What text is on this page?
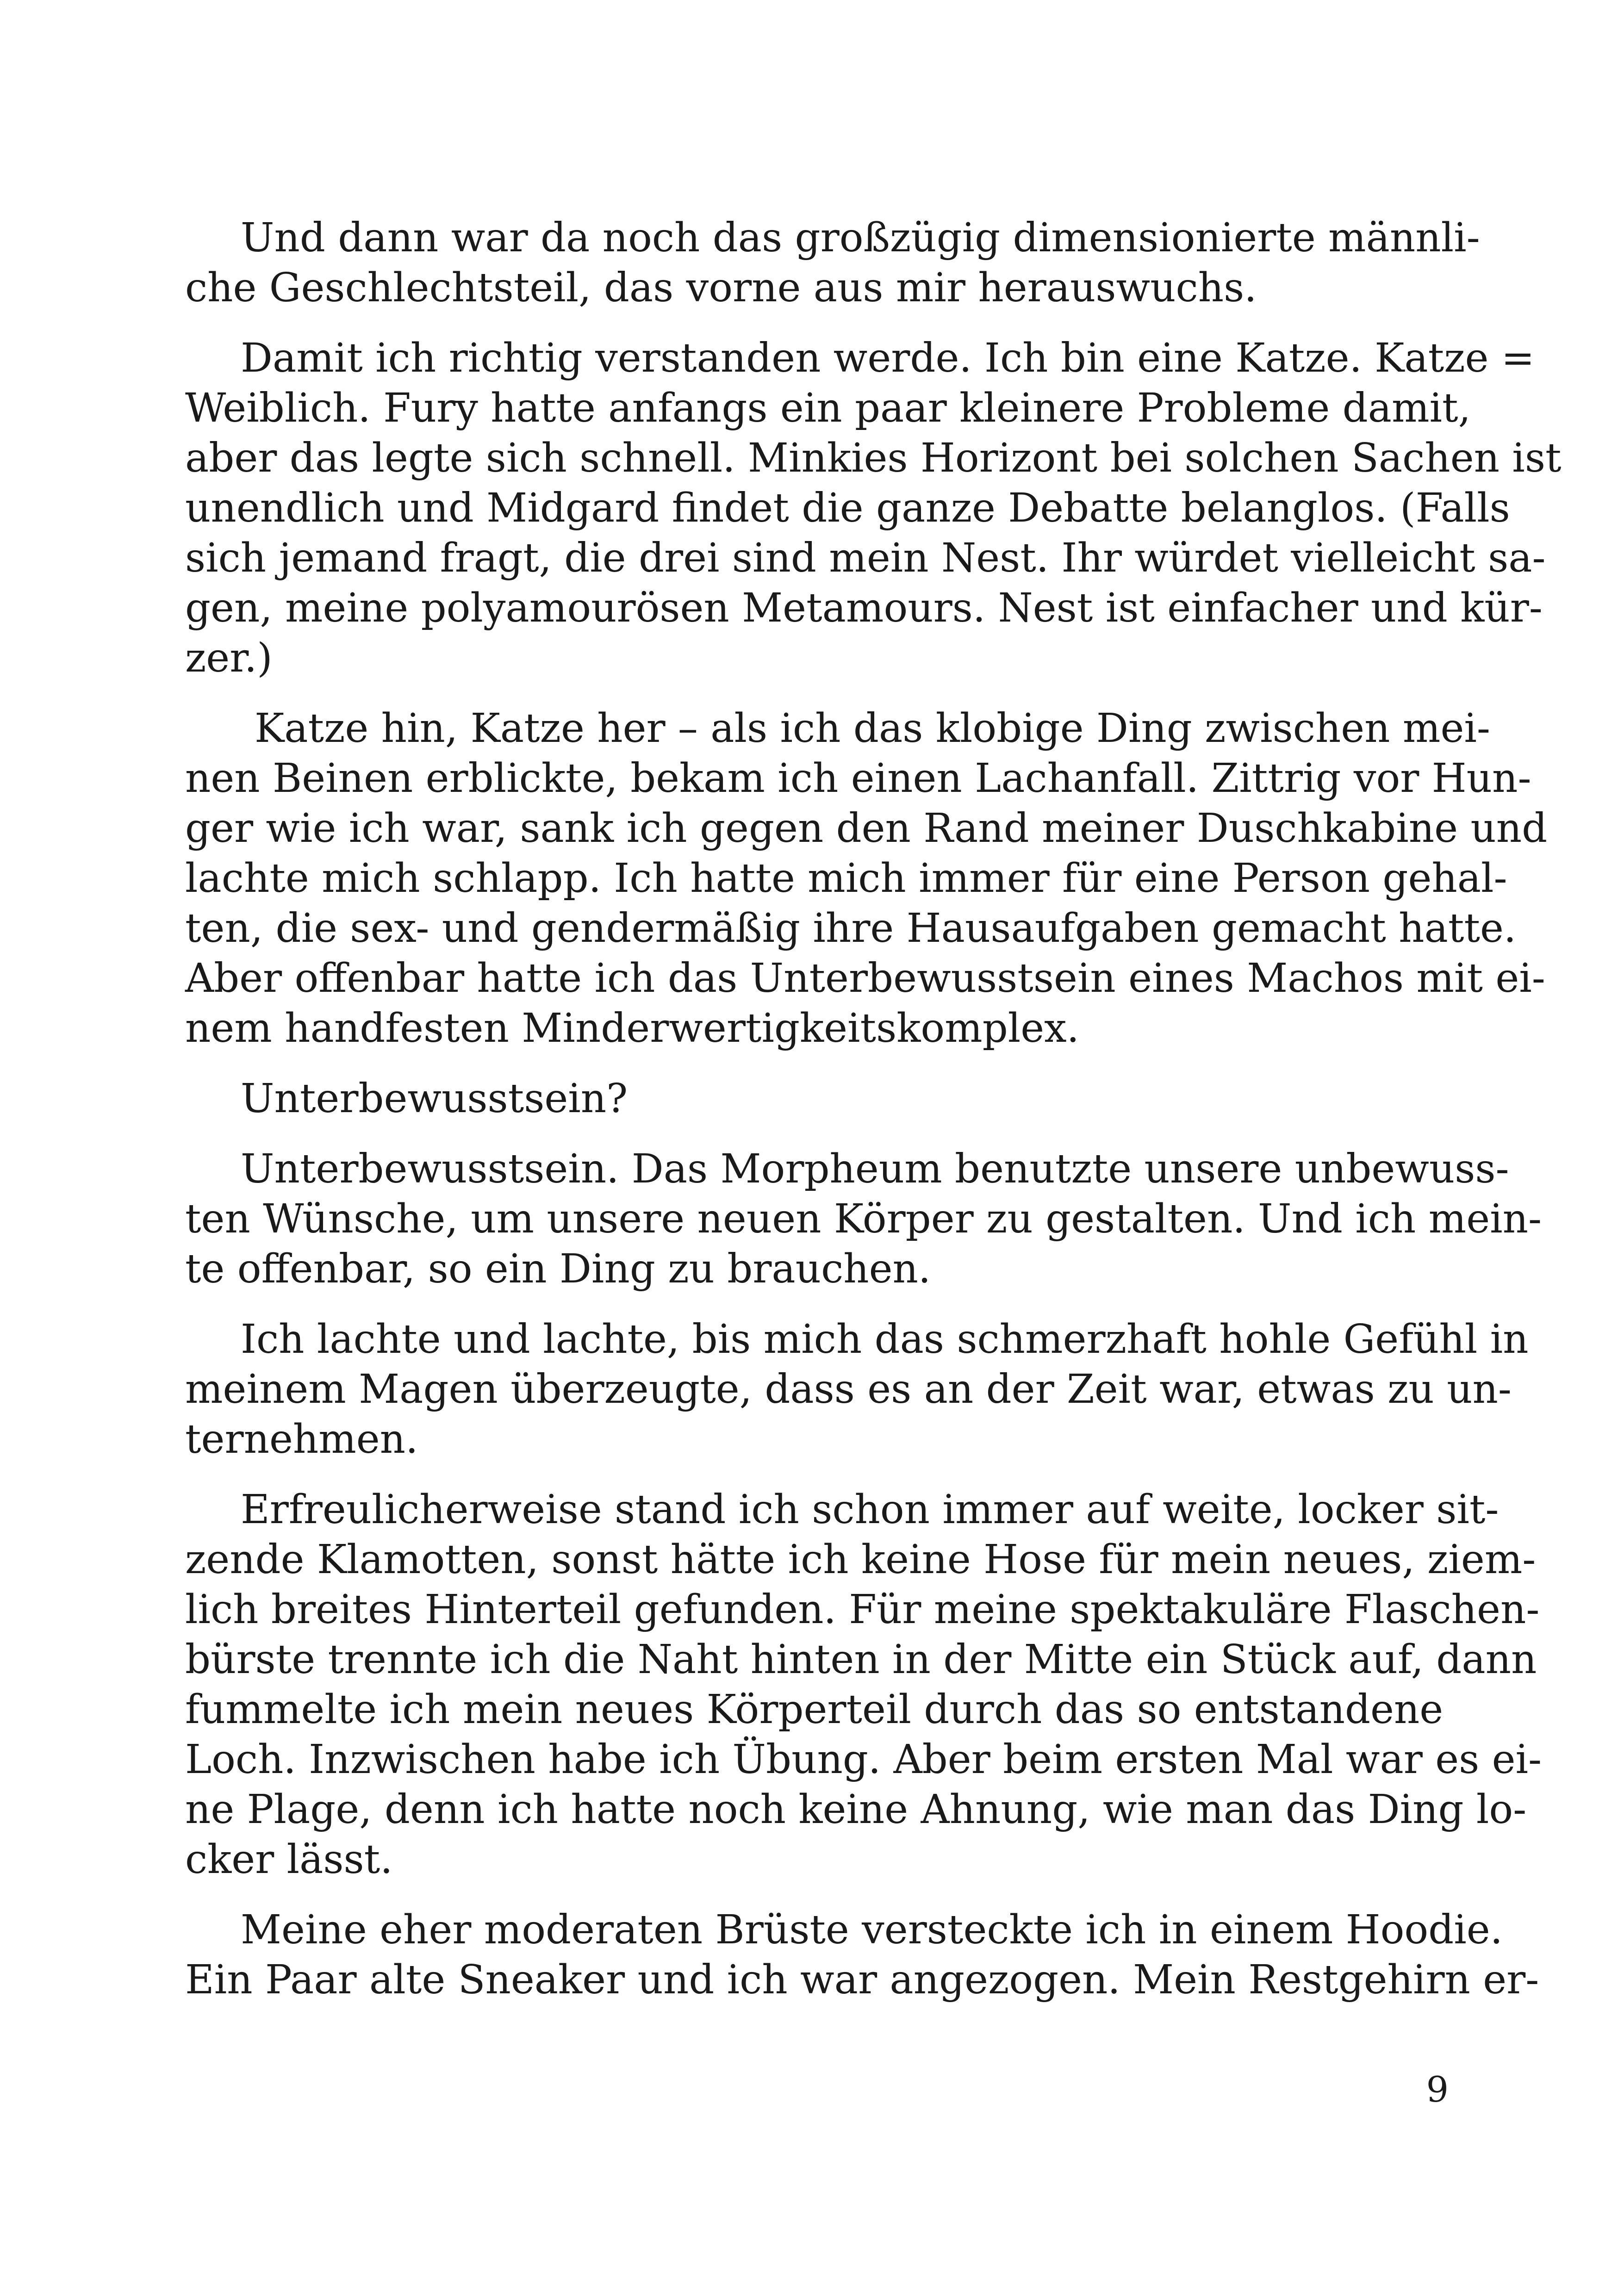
Und dann war da noch das großzügig dimensionierte männli-
che Geschlechtsteil, das vorne aus mir herauswuchs.
Damit ich richtig verstanden werde. Ich bin eine Katze. Katze =
Weiblich. Fury hatte anfangs ein paar kleinere Probleme damit,
aber das legte sich schnell. Minkies Horizont bei solchen Sachen ist
unendlich und Midgard findet die ganze Debatte belanglos. (Falls
sich jemand fragt, die drei sind mein Nest. Ihr würdet vielleicht sa-
gen, meine polyamourösen Metamours. Nest ist einfacher und kür-
zer.)
Katze hin, Katze her – als ich das klobige Ding zwischen mei-
nen Beinen erblickte, bekam ich einen Lachanfall. Zittrig vor Hun-
ger wie ich war, sank ich gegen den Rand meiner Duschkabine und
lachte mich schlapp. Ich hatte mich immer für eine Person gehal-
ten, die sex- und gendermäßig ihre Hausaufgaben gemacht hatte.
Aber offenbar hatte ich das Unterbewusstsein eines Machos mit ei-
nem handfesten Minderwertigkeitskomplex.
Unterbewusstsein?
Unterbewusstsein. Das Morpheum benutzte unsere unbewuss-
ten Wünsche, um unsere neuen Körper zu gestalten. Und ich mein-
te offenbar, so ein Ding zu brauchen.
Ich lachte und lachte, bis mich das schmerzhaft hohle Gefühl in
meinem Magen überzeugte, dass es an der Zeit war, etwas zu un-
ternehmen.
Erfreulicherweise stand ich schon immer auf weite, locker sit-
zende Klamotten, sonst hätte ich keine Hose für mein neues, ziem-
lich breites Hinterteil gefunden. Für meine spektakuläre Flaschen-
bürste trennte ich die Naht hinten in der Mitte ein Stück auf, dann
fummelte ich mein neues Körperteil durch das so entstandene
Loch. Inzwischen habe ich Übung. Aber beim ersten Mal war es ei-
ne Plage, denn ich hatte noch keine Ahnung, wie man das Ding lo-
cker lässt.
Meine eher moderaten Brüste versteckte ich in einem Hoodie.
Ein Paar alte Sneaker und ich war angezogen. Mein Restgehirn er-
9
